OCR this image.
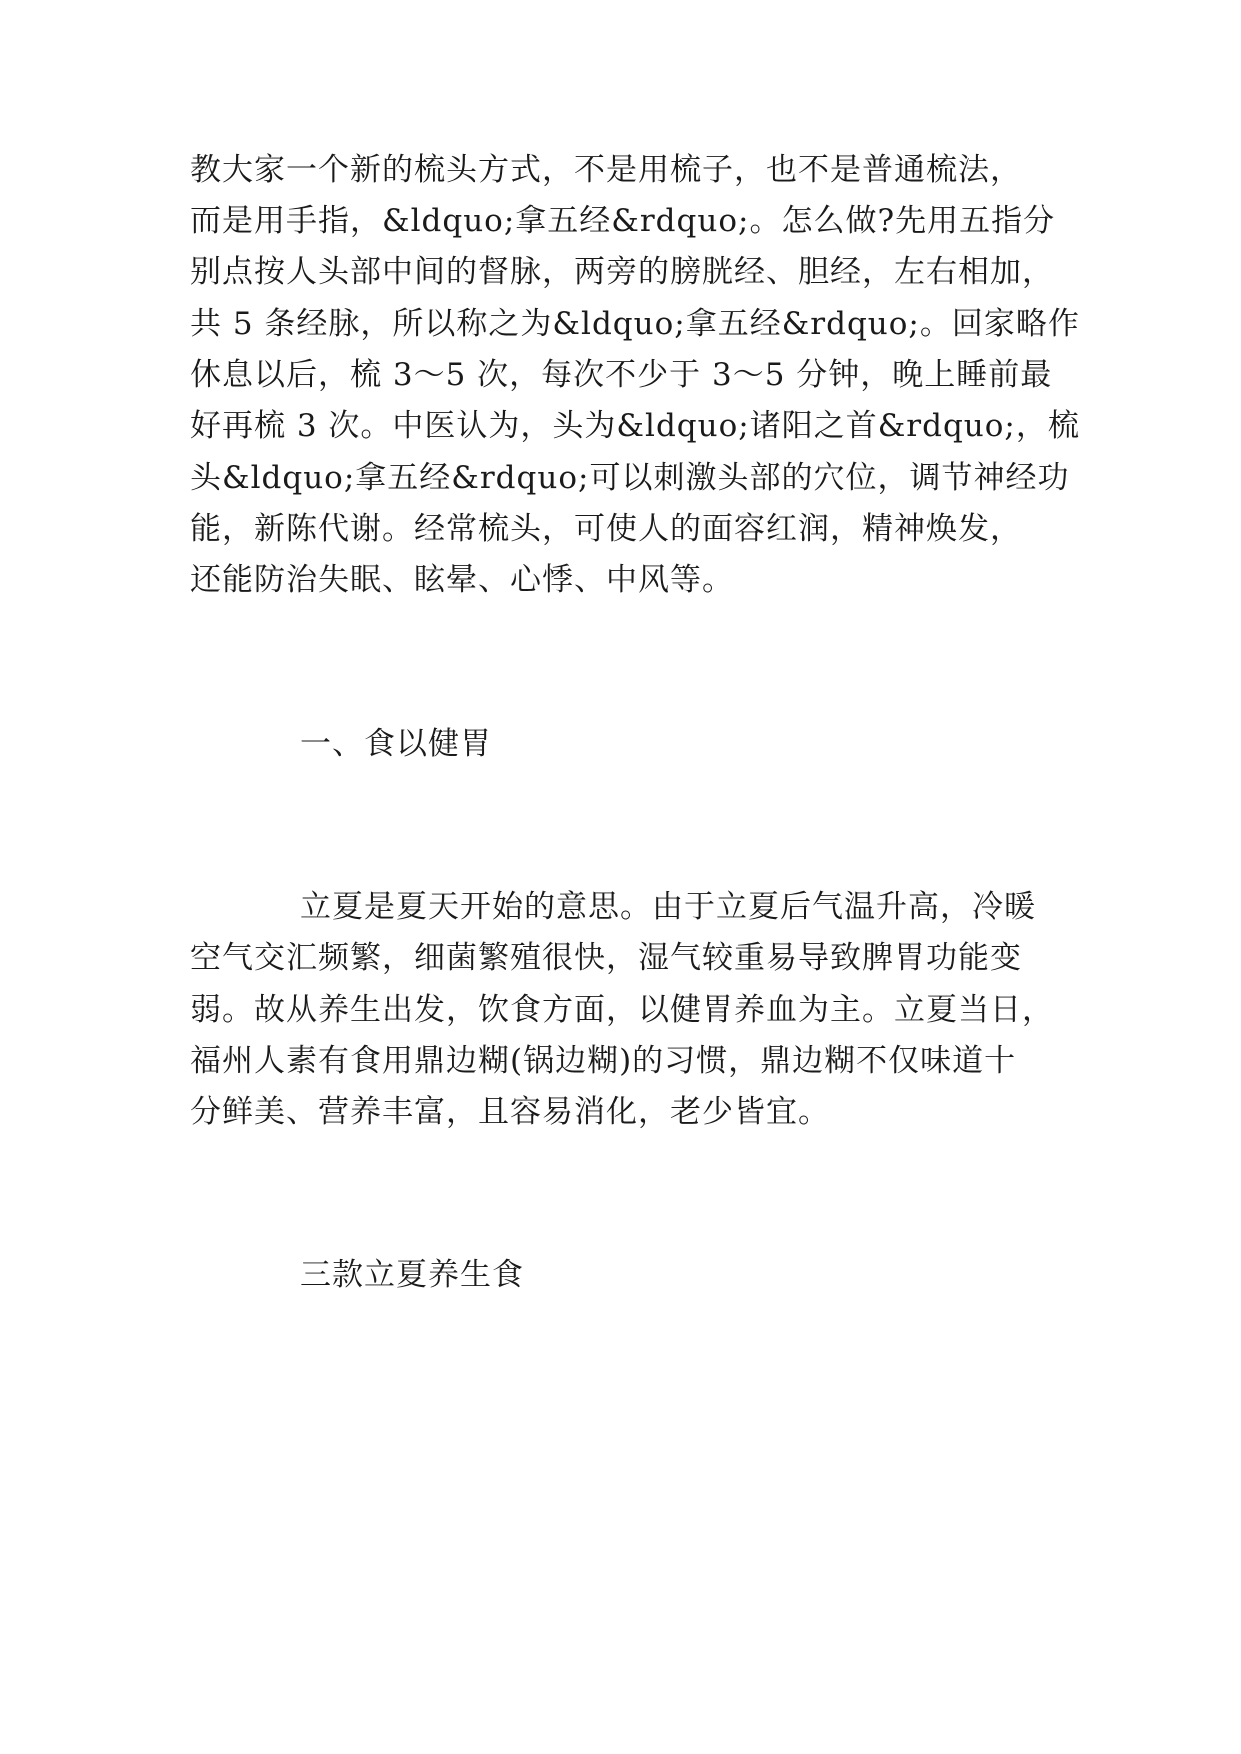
教大家一个新的梳头方式，不是用梳子，也不是普通梳法，
而是用手指，&ldquo;拿五经&rdquo;。怎么做?先用五指分
别点按人头部中间的督脉，两旁的膀胱经、胆经，左右相加，
共 5 条经脉，所以称之为&ldquo;拿五经&rdquo;。回家略作
休息以后，梳 3～5 次，每次不少于 3～5 分钟，晚上睡前最
好再梳 3 次。中医认为，头为&ldquo;诸阳之首&rdquo;，梳
头&ldquo;拿五经&rdquo;可以刺激头部的穴位，调节神经功
能，新陈代谢。经常梳头，可使人的面容红润，精神焕发，
还能防治失眠、眩晕、心悸、中风等。
一、食以健胃
立夏是夏天开始的意思。由于立夏后气温升高，冷暖
空气交汇频繁，细菌繁殖很快，湿气较重易导致脾胃功能变
弱。故从养生出发，饮食方面，以健胃养血为主。立夏当日，
福州人素有食用鼎边糊(锅边糊)的习惯，鼎边糊不仅味道十
分鲜美、营养丰富，且容易消化，老少皆宜。
三款立夏养生食
